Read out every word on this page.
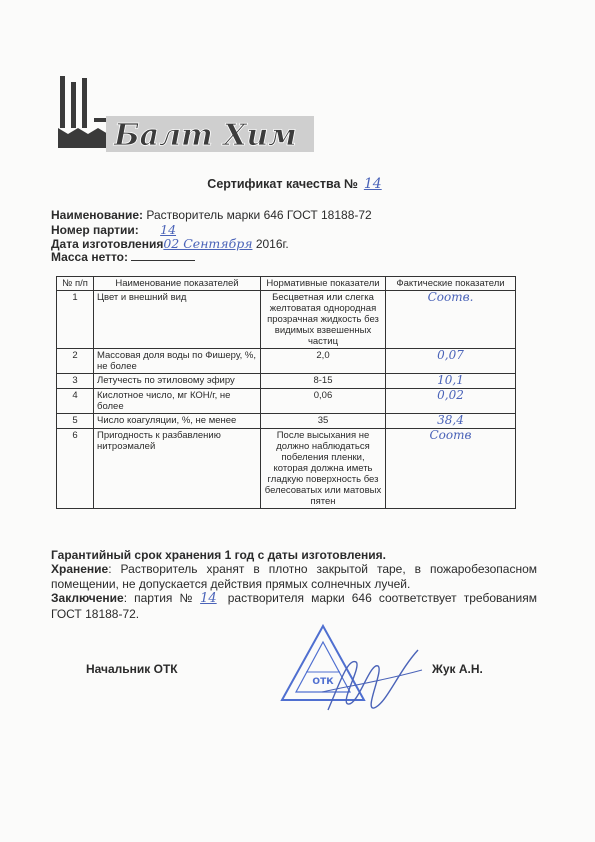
Балт Хим
Сертификат качества № 14
Наименование: Растворитель марки 646 ГОСТ 18188-72
Номер партии: 14
Дата изготовления02 Сентября 2016г.
Масса нетто:
№ п/п	Наименование показателей	Нормативные показатели	Фактические показатели
1	Цвет и внешний вид	Бесцветная или слегка желтоватая однородная прозрачная жидкость без видимых взвешенных частиц	Соотв.
2	Массовая доля воды по Фишеру, %, не более	2,0	0,07
3	Летучесть по этиловому эфиру	8-15	10,1
4	Кислотное число, мг КОН/г, не более	0,06	0,02
5	Число коагуляции, %, не менее	35	38,4
6	Пригодность к разбавлению нитроэмалей	После высыхания не должно наблюдаться побеления пленки, которая должна иметь гладкую поверхность без белесоватых или матовых пятен	Соотв
Гарантийный срок хранения 1 год с даты изготовления.
Хранение: Растворитель хранят в плотно закрытой таре, в пожаробезопасном помещении, не допускается действия прямых солнечных лучей.
Заключение: партия № 14 растворителя марки 646 соответствует требованиям ГОСТ 18188-72.
Начальник ОТК
ОТК
Жук А.Н.
